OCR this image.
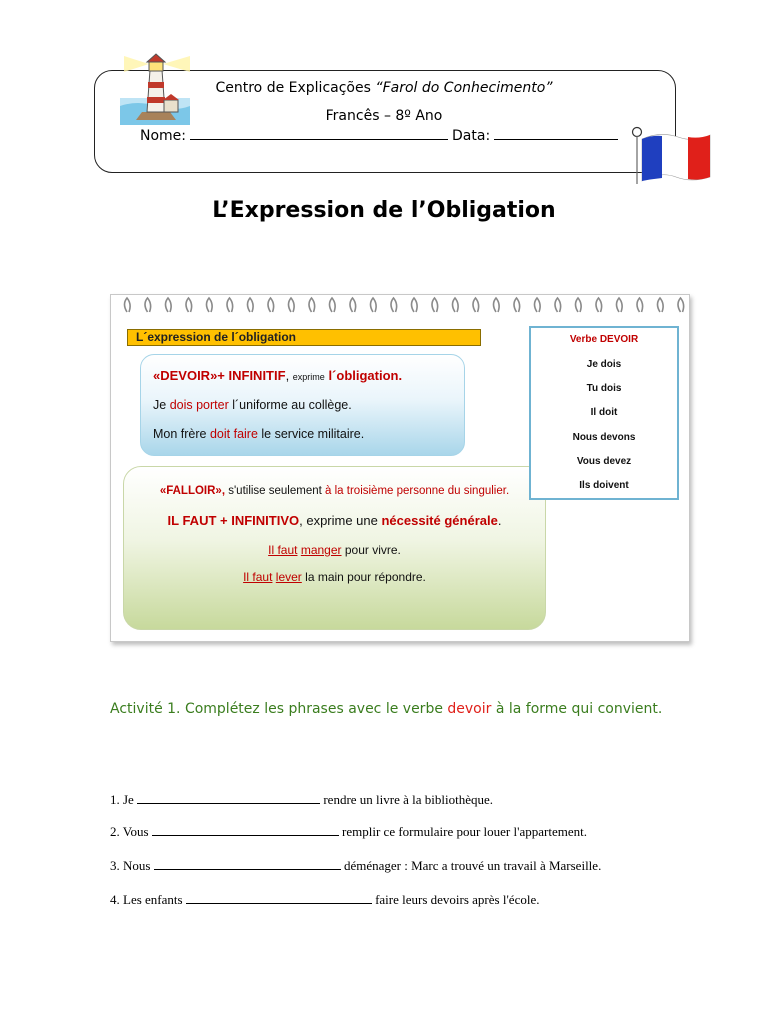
Centro de Explicações “Farol do Conhecimento”
Francês – 8º Ano
Nome:	Data:
L’Expression de l’Obligation
L´expression de l´obligation
«DEVOIR»+ INFINITIF, exprime l´obligation.
Je dois porter l´uniforme au collège.
Mon frère doit faire le service militaire.
«FALLOIR», s'utilise seulement à la troisième personne du singulier.
IL FAUT + INFINITIVO, exprime une nécessité générale.
Il faut manger pour vivre.
Il faut lever la main pour répondre.
Verbe DEVOIR
Je dois
Tu dois
Il doit
Nous devons
Vous devez
Ils doivent
Activité 1. Complétez les phrases avec le verbe devoir à la forme qui convient.
1. Je	rendre un livre à la bibliothèque.
2. Vous	remplir ce formulaire pour louer l'appartement.
3. Nous	déménager : Marc a trouvé un travail à Marseille.
4. Les enfants	faire leurs devoirs après l'école.
